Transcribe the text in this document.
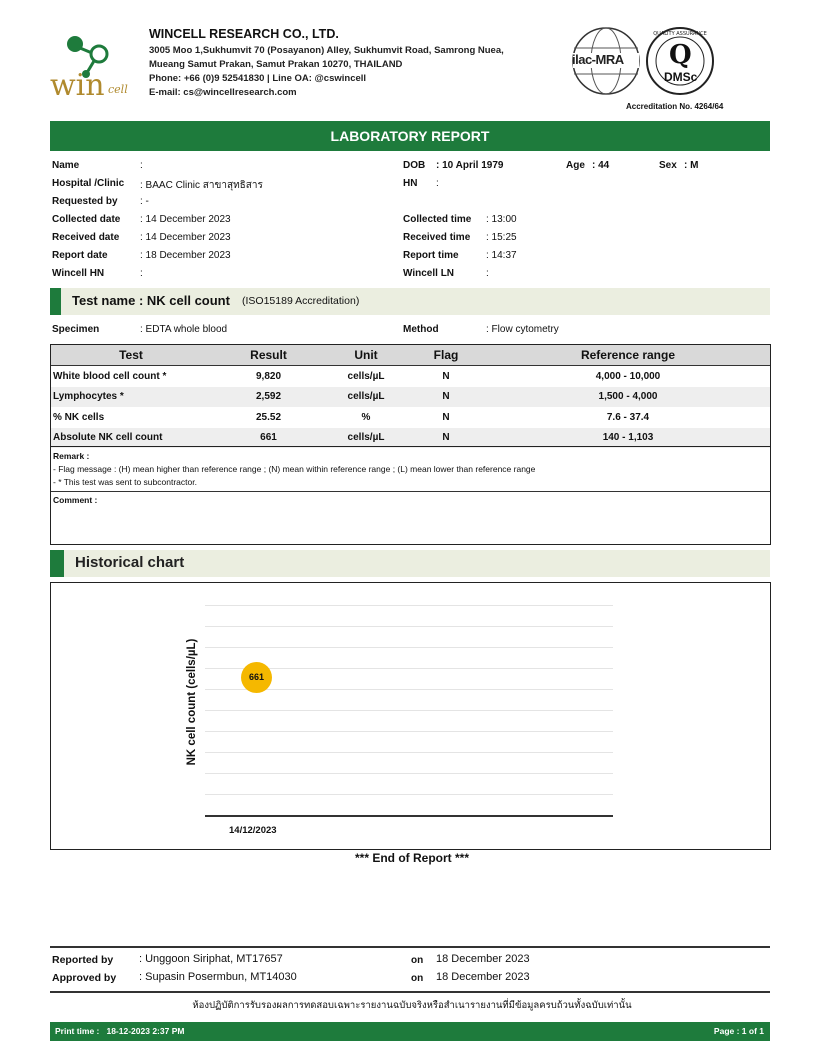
win cell
WINCELL RESEARCH CO., LTD.
3005 Moo 1,Sukhumvit 70 (Posayanon) Alley, Sukhumvit Road, Samrong Nuea,
Mueang Samut Prakan, Samut Prakan 10270, THAILAND
Phone: +66 (0)9 52541830 | Line OA: @cswincell
E-mail: cs@wincellresearch.com
ilac-MRA
QUALITY ASSURANCE
Q
DMSc
Accreditation No. 4264/64
LABORATORY REPORT
Name	:
Hospital /Clinic : BAAC Clinic สาขาสุทธิสาร
Requested by : -
Collected date : 14 December 2023
Received date : 14 December 2023
Report date	: 18 December 2023
Wincell HN	:
DOB : 10 April 1979	Age : 44	Sex : M
HN :
Collected time : 13:00
Received time : 15:25
Report time	: 14:37
Wincell LN	:
Test name : NK cell count (ISO15189 Accreditation)
Specimen	: EDTA whole blood	Method	: Flow cytometry
Test	Result	Unit	Flag	Reference range
White blood cell count *	9,820	cells/µL	N	4,000 - 10,000
Lymphocytes *	2,592	cells/µL	N	1,500 - 4,000
% NK cells	25.52	%	N	7.6 - 37.4
Absolute NK cell count	661	cells/µL	N	140 - 1,103
Remark :
- Flag message : (H) mean higher than reference range ; (N) mean within reference range ; (L) mean lower than reference range
- * This test was sent to subcontractor.
Comment :
Historical chart
NK cell count (cells/µL)	661
14/12/2023
*** End of Report ***
Reported by : Unggoon Siriphat, MT17657	on 18 December 2023
Approved by : Supasin Posermbun, MT14030	on 18 December 2023
ห้องปฏิบัติการรับรองผลการทดสอบเฉพาะรายงานฉบับจริงหรือสำเนารายงานที่มีข้อมูลครบถ้วนทั้งฉบับเท่านั้น
Print time :   18-12-2023 2:37 PM	Page : 1 of 1
